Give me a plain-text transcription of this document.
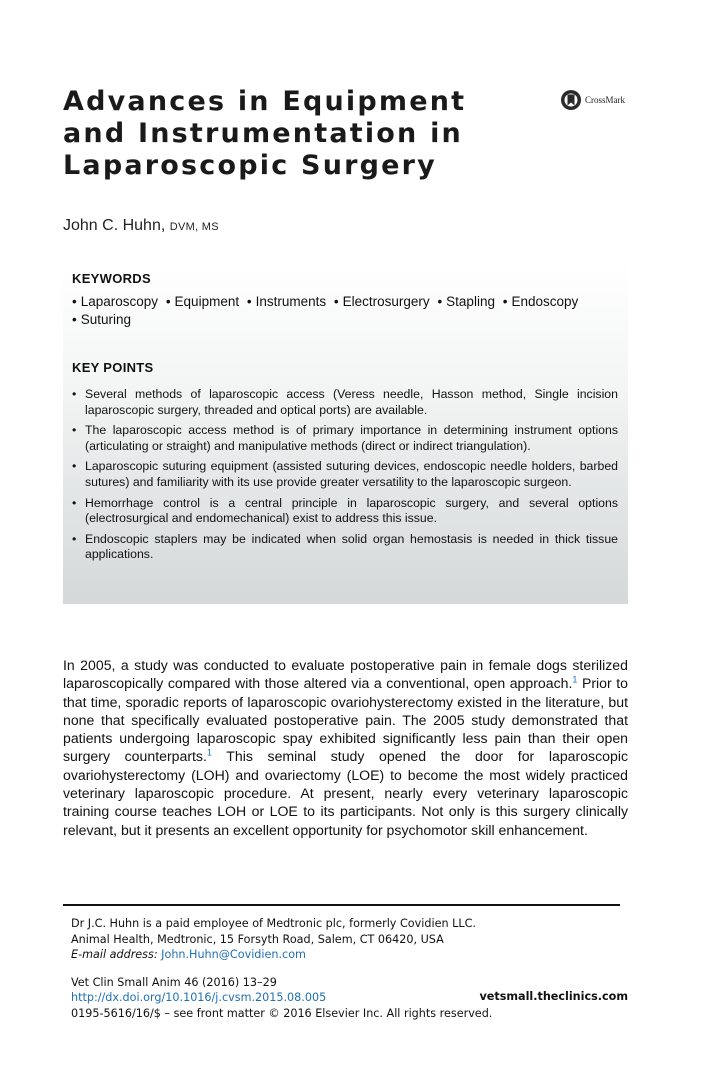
Advances in Equipment
and Instrumentation in
Laparoscopic Surgery
CrossMark
John C. Huhn, DVM, MS
KEYWORDS
• Laparoscopy • Equipment • Instruments • Electrosurgery • Stapling • Endoscopy
• Suturing
KEY POINTS
• Several methods of laparoscopic access (Veress needle, Hasson method, Single incision laparoscopic surgery, threaded and optical ports) are available.
• The laparoscopic access method is of primary importance in determining instrument options (articulating or straight) and manipulative methods (direct or indirect triangulation).
• Laparoscopic suturing equipment (assisted suturing devices, endoscopic needle holders, barbed sutures) and familiarity with its use provide greater versatility to the laparoscopic surgeon.
• Hemorrhage control is a central principle in laparoscopic surgery, and several options (electrosurgical and endomechanical) exist to address this issue.
• Endoscopic staplers may be indicated when solid organ hemostasis is needed in thick tissue applications.

In 2005, a study was conducted to evaluate postoperative pain in female dogs sterilized laparoscopically compared with those altered via a conventional, open approach.$^1$ Prior to that time, sporadic reports of laparoscopic ovariohysterectomy existed in the literature, but none that specifically evaluated postoperative pain. The 2005 study demonstrated that patients undergoing laparoscopic spay exhibited significantly less pain than their open surgery counterparts.$^1$ This seminal study opened the door for laparoscopic ovariohysterectomy (LOH) and ovariectomy (LOE) to become the most widely practiced veterinary laparoscopic procedure. At present, nearly every veterinary laparoscopic training course teaches LOH or LOE to its participants. Not only is this surgery clinically relevant, but it presents an excellent opportunity for psychomotor skill enhancement.

Dr J.C. Huhn is a paid employee of Medtronic plc, formerly Covidien LLC.
Animal Health, Medtronic, 15 Forsyth Road, Salem, CT 06420, USA
E-mail address: John.Huhn@Covidien.com
Vet Clin Small Anim 46 (2016) 13–29
http://dx.doi.org/10.1016/j.cvsm.2015.08.005	vetsmall.theclinics.com
0195-5616/16/$ – see front matter © 2016 Elsevier Inc. All rights reserved.
